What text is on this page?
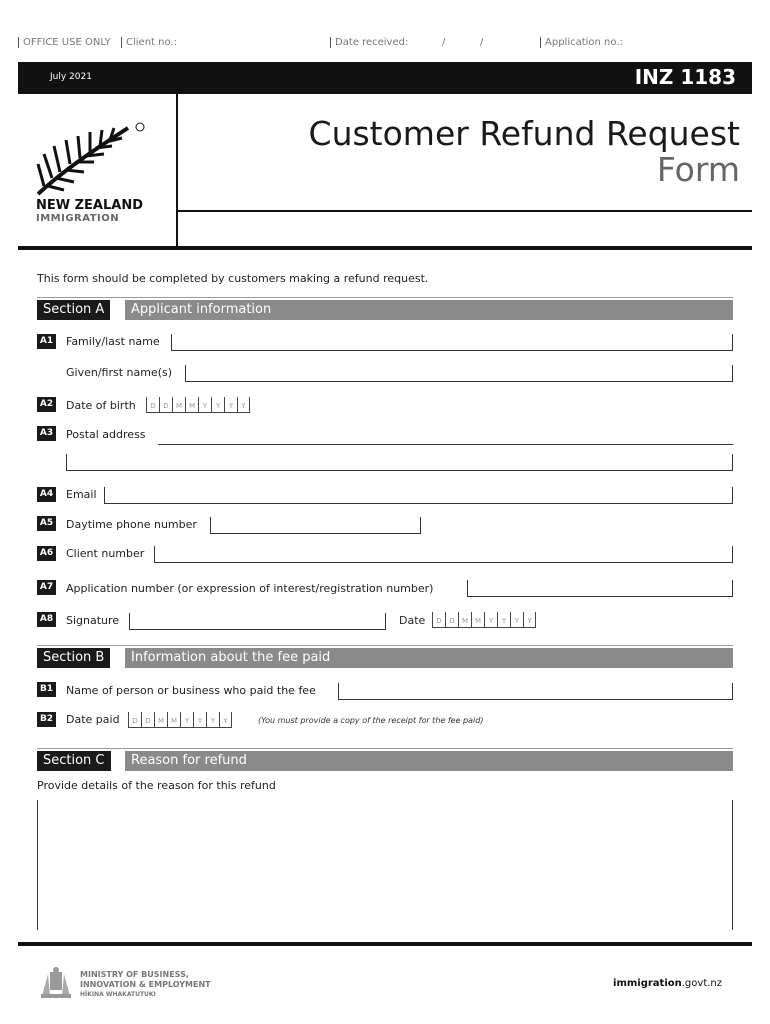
OFFICE USE ONLY	Client no.:	Date received:	/	/	Application no.:
July 2021	INZ 1183
NEW ZEALAND
IMMIGRATION
Customer Refund Request
Form
This form should be completed by customers making a refund request.
Section A	Applicant information
A1 Family/last name
Given/first name(s)
A2 Date of birth	D	D	M M	Y	Y	Y	Y
A3 Postal address
A4 Email
A5 Daytime phone number
A6 Client number
A7 Application number (or expression of interest/registration number)
A8 Signature	Date	D	D	M M	Y	Y	Y	Y
Section B	Information about the fee paid
B1 Name of person or business who paid the fee
B2 Date paid	D	D	M M	Y	Y	Y	Y	(You must provide a copy of the receipt for the fee paid)
Section C	Reason for refund
Provide details of the reason for this refund
MINISTRY OF BUSINESS,
INNOVATION & EMPLOYMENT
HĪKINA WHAKATUTUKI
immigration.govt.nz
